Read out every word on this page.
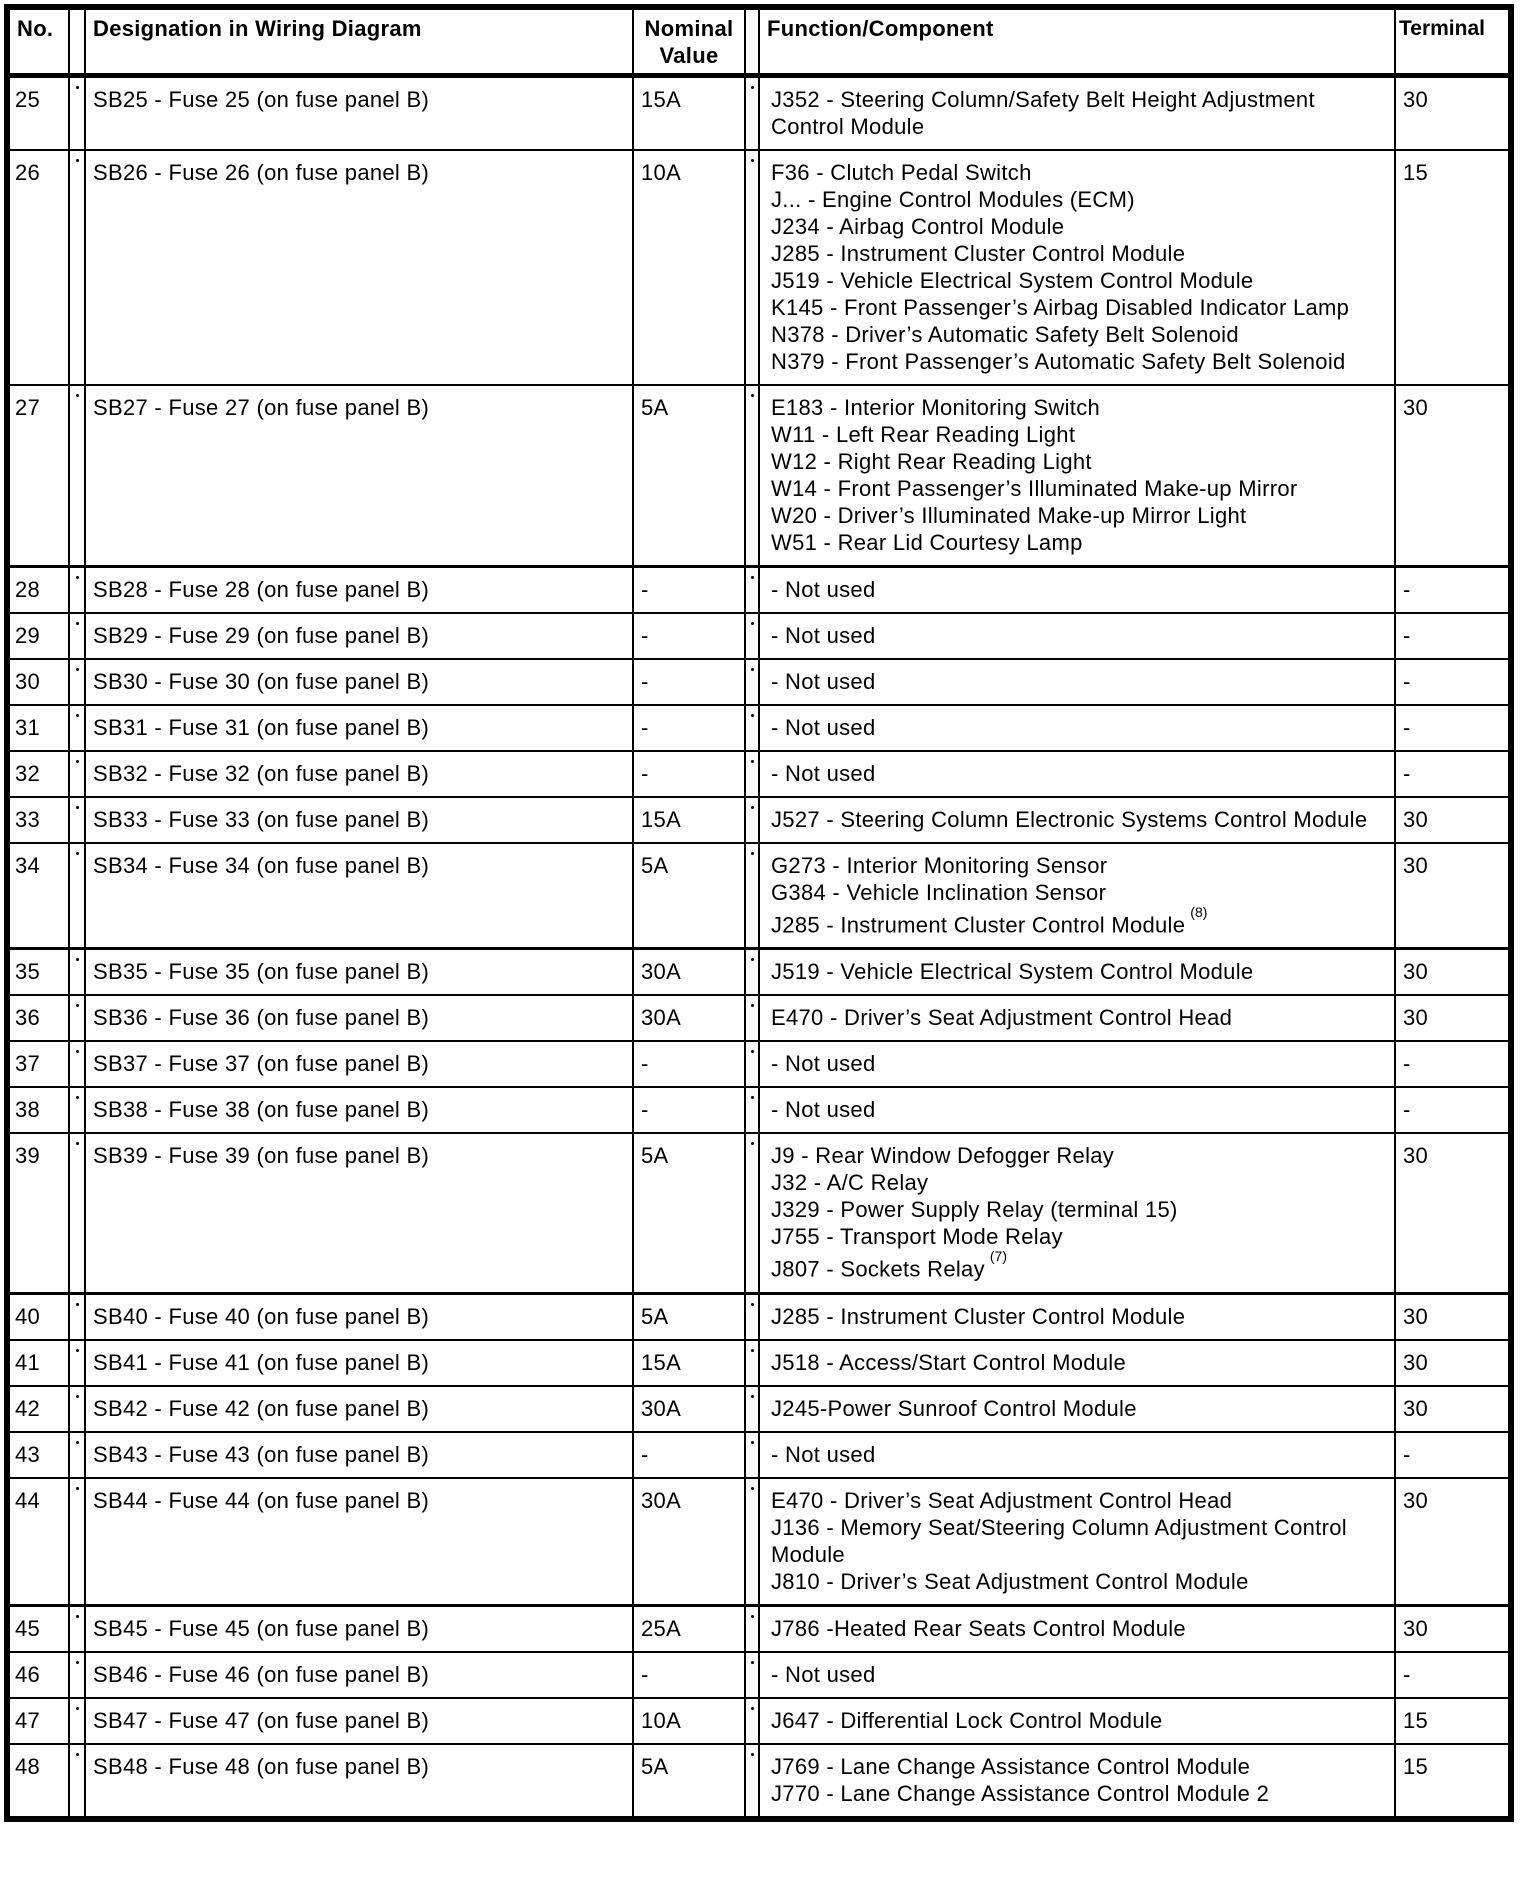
No.		Designation in Wiring Diagram	Nominal Value		Function/Component	Terminal
25		SB25 - Fuse 25 (on fuse panel B)	15A		J352 - Steering Column/Safety Belt Height Adjustment Control Module	30
26		SB26 - Fuse 26 (on fuse panel B)	10A		F36 - Clutch Pedal Switch
J... - Engine Control Modules (ECM)
J234 - Airbag Control Module
J285 - Instrument Cluster Control Module
J519 - Vehicle Electrical System Control Module
K145 - Front Passenger’s Airbag Disabled Indicator Lamp
N378 - Driver’s Automatic Safety Belt Solenoid
N379 - Front Passenger’s Automatic Safety Belt Solenoid
	15
27		SB27 - Fuse 27 (on fuse panel B)	5A		E183 - Interior Monitoring Switch
W11 - Left Rear Reading Light
W12 - Right Rear Reading Light
W14 - Front Passenger’s Illuminated Make-up Mirror
W20 - Driver’s Illuminated Make-up Mirror Light
W51 - Rear Lid Courtesy Lamp
	30
28		SB28 - Fuse 28 (on fuse panel B)	-		- Not used	-
29		SB29 - Fuse 29 (on fuse panel B)	-		- Not used	-
30		SB30 - Fuse 30 (on fuse panel B)	-		- Not used	-
31		SB31 - Fuse 31 (on fuse panel B)	-		- Not used	-
32		SB32 - Fuse 32 (on fuse panel B)	-		- Not used	-
33		SB33 - Fuse 33 (on fuse panel B)	15A		J527 - Steering Column Electronic Systems Control Module	30
34		SB34 - Fuse 34 (on fuse panel B)	5A		G273 - Interior Monitoring Sensor
G384 - Vehicle Inclination Sensor
J285 - Instrument Cluster Control Module$^{(8)}$	30
35		SB35 - Fuse 35 (on fuse panel B)	30A		J519 - Vehicle Electrical System Control Module	30
36		SB36 - Fuse 36 (on fuse panel B)	30A		E470 - Driver’s Seat Adjustment Control Head	30
37		SB37 - Fuse 37 (on fuse panel B)	-		- Not used	-
38		SB38 - Fuse 38 (on fuse panel B)	-		- Not used	-
39		SB39 - Fuse 39 (on fuse panel B)	5A		J9 - Rear Window Defogger Relay
J32 - A/C Relay
J329 - Power Supply Relay (terminal 15)
J755 - Transport Mode Relay
J807 - Sockets Relay$^{(7)}$	30
40		SB40 - Fuse 40 (on fuse panel B)	5A		J285 - Instrument Cluster Control Module	30
41		SB41 - Fuse 41 (on fuse panel B)	15A		J518 - Access/Start Control Module	30
42		SB42 - Fuse 42 (on fuse panel B)	30A		J245-Power Sunroof Control Module	30
43		SB43 - Fuse 43 (on fuse panel B)	-		- Not used	-
44		SB44 - Fuse 44 (on fuse panel B)	30A		E470 - Driver’s Seat Adjustment Control Head
J136 - Memory Seat/Steering Column Adjustment Control Module
J810 - Driver’s Seat Adjustment Control Module	30
45		SB45 - Fuse 45 (on fuse panel B)	25A		J786 -Heated Rear Seats Control Module	30
46		SB46 - Fuse 46 (on fuse panel B)	-		- Not used	-
47		SB47 - Fuse 47 (on fuse panel B)	10A		J647 - Differential Lock Control Module	15
48		SB48 - Fuse 48 (on fuse panel B)	5A		J769 - Lane Change Assistance Control Module
J770 - Lane Change Assistance Control Module 2	15
